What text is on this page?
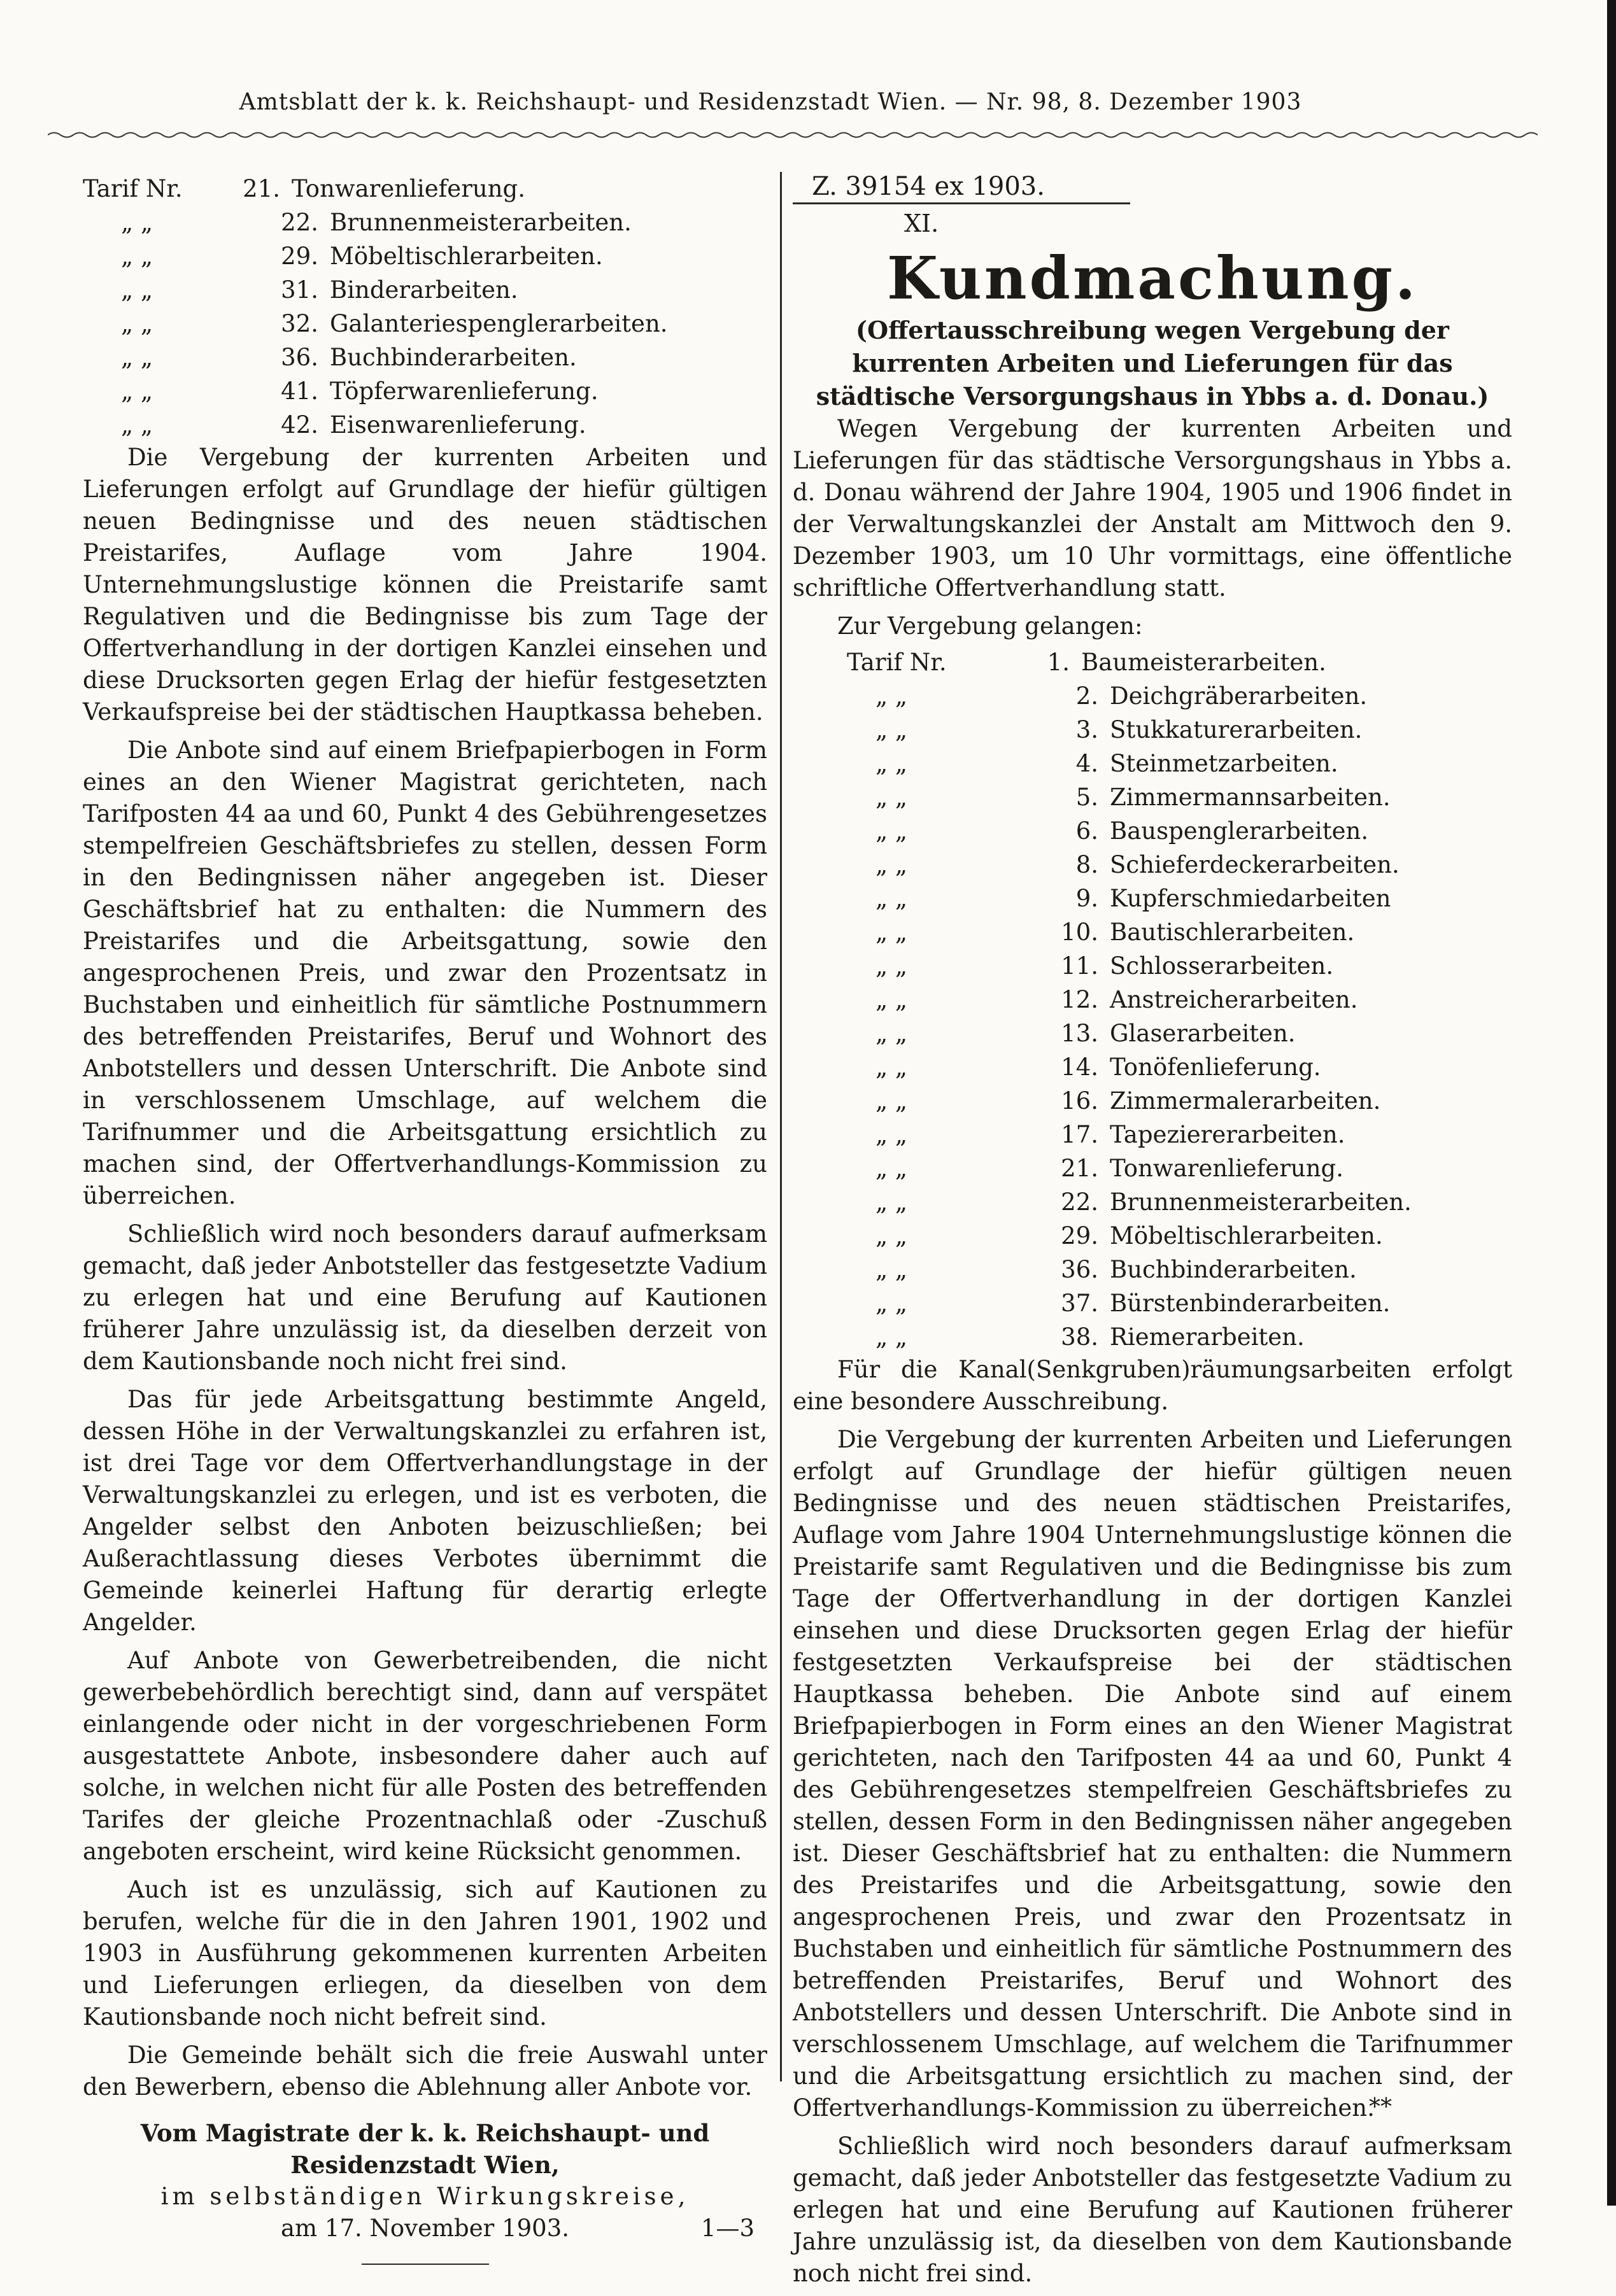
Amtsblatt der k. k. Reichshaupt- und Residenzstadt Wien. — Nr. 98, 8. Dezember 1903
Tarif Nr.	21. Tonwarenlieferung.
„ „	22. Brunnenmeisterarbeiten.
„ „	29. Möbeltischlerarbeiten.
„ „	31. Binderarbeiten.
„ „	32. Galanteriespenglerarbeiten.
„ „	36. Buchbinderarbeiten.
„ „	41. Töpferwarenlieferung.
„ „	42. Eisenwarenlieferung.

Die Vergebung der kurrenten Arbeiten und Lieferungen erfolgt auf Grundlage der hiefür gültigen neuen Bedingnisse und des neuen städtischen Preistarifes, Auflage vom Jahre 1904. Unternehmungslustige können die Preistarife samt Regulativen und die Bedingnisse bis zum Tage der Offertverhandlung in der dortigen Kanzlei einsehen und diese Drucksorten gegen Erlag der hiefür festgesetzten Verkaufspreise bei der städtischen Hauptkassa beheben.

Die Anbote sind auf einem Briefpapierbogen in Form eines an den Wiener Magistrat gerichteten, nach Tarifposten 44 aa und 60, Punkt 4 des Gebührengesetzes stempelfreien Geschäftsbriefes zu stellen, dessen Form in den Bedingnissen näher angegeben ist. Dieser Geschäftsbrief hat zu enthalten: die Nummern des Preistarifes und die Arbeitsgattung, sowie den angesprochenen Preis, und zwar den Prozentsatz in Buchstaben und einheitlich für sämtliche Postnummern des betreffenden Preistarifes, Beruf und Wohnort des Anbotstellers und dessen Unterschrift. Die Anbote sind in verschlossenem Umschlage, auf welchem die Tarifnummer und die Arbeitsgattung ersichtlich zu machen sind, der Offertverhandlungs-Kommission zu überreichen.

Schließlich wird noch besonders darauf aufmerksam gemacht, daß jeder Anbotsteller das festgesetzte Vadium zu erlegen hat und eine Berufung auf Kautionen früherer Jahre unzulässig ist, da dieselben derzeit von dem Kautionsbande noch nicht frei sind.

Das für jede Arbeitsgattung bestimmte Angeld, dessen Höhe in der Verwaltungskanzlei zu erfahren ist, ist drei Tage vor dem Offertverhandlungstage in der Verwaltungskanzlei zu erlegen, und ist es verboten, die Angelder selbst den Anboten beizuschließen; bei Außerachtlassung dieses Verbotes übernimmt die Gemeinde keinerlei Haftung für derartig erlegte Angelder.

Auf Anbote von Gewerbetreibenden, die nicht gewerbebehördlich berechtigt sind, dann auf verspätet einlangende oder nicht in der vorgeschriebenen Form ausgestattete Anbote, insbesondere daher auch auf solche, in welchen nicht für alle Posten des betreffenden Tarifes der gleiche Prozentnachlaß oder -Zuschuß angeboten erscheint, wird keine Rücksicht genommen.

Auch ist es unzulässig, sich auf Kautionen zu berufen, welche für die in den Jahren 1901, 1902 und 1903 in Ausführung gekommenen kurrenten Arbeiten und Lieferungen erliegen, da dieselben von dem Kautionsbande noch nicht befreit sind.

Die Gemeinde behält sich die freie Auswahl unter den Bewerbern, ebenso die Ablehnung aller Anbote vor.

Vom Magistrate der k. k. Reichshaupt- und Residenzstadt Wien,
im selbständigen Wirkungskreise,
am 17. November 1903.	1—3
Z. 39154 ex 1903.
XI.
Kundmachung.
(Offertausschreibung wegen Vergebung der kurrenten Arbeiten und Lieferungen für das städtische Versorgungshaus in Ybbs a. d. Donau.)

Wegen Vergebung der kurrenten Arbeiten und Lieferungen für das städtische Versorgungshaus in Ybbs a. d. Donau während der Jahre 1904, 1905 und 1906 findet in der Verwaltungskanzlei der Anstalt am Mittwoch den 9. Dezember 1903, um 10 Uhr vormittags, eine öffentliche schriftliche Offertverhandlung statt.

Zur Vergebung gelangen:

Tarif Nr.	1. Baumeisterarbeiten.
„ „	2. Deichgräberarbeiten.
„ „	3. Stukkaturerarbeiten.
„ „	4. Steinmetzarbeiten.
„ „	5. Zimmermannsarbeiten.
„ „	6. Bauspenglerarbeiten.
„ „	8. Schieferdeckerarbeiten.
„ „	9. Kupferschmiedarbeiten
„ „	10. Bautischlerarbeiten.
„ „	11. Schlosserarbeiten.
„ „	12. Anstreicherarbeiten.
„ „	13. Glaserarbeiten.
„ „	14. Tonöfenlieferung.
„ „	16. Zimmermalerarbeiten.
„ „	17. Tapeziererarbeiten.
„ „	21. Tonwarenlieferung.
„ „	22. Brunnenmeisterarbeiten.
„ „	29. Möbeltischlerarbeiten.
„ „	36. Buchbinderarbeiten.
„ „	37. Bürstenbinderarbeiten.
„ „	38. Riemerarbeiten.

Für die Kanal(Senkgruben)räumungsarbeiten erfolgt eine besondere Ausschreibung.

Die Vergebung der kurrenten Arbeiten und Lieferungen erfolgt auf Grundlage der hiefür gültigen neuen Bedingnisse und des neuen städtischen Preistarifes, Auflage vom Jahre 1904 Unternehmungslustige können die Preistarife samt Regulativen und die Bedingnisse bis zum Tage der Offertverhandlung in der dortigen Kanzlei einsehen und diese Drucksorten gegen Erlag der hiefür festgesetzten Verkaufspreise bei der städtischen Hauptkassa beheben. Die Anbote sind auf einem Briefpapierbogen in Form eines an den Wiener Magistrat gerichteten, nach den Tarifposten 44 aa und 60, Punkt 4 des Gebührengesetzes stempelfreien Geschäftsbriefes zu stellen, dessen Form in den Bedingnissen näher angegeben ist. Dieser Geschäftsbrief hat zu enthalten: die Nummern des Preistarifes und die Arbeitsgattung, sowie den angesprochenen Preis, und zwar den Prozentsatz in Buchstaben und einheitlich für sämtliche Postnummern des betreffenden Preistarifes, Beruf und Wohnort des Anbotstellers und dessen Unterschrift. Die Anbote sind in verschlossenem Umschlage, auf welchem die Tarifnummer und die Arbeitsgattung ersichtlich zu machen sind, der Offertverhandlungs-Kommission zu überreichen.

Schließlich wird noch besonders darauf aufmerksam gemacht, daß jeder Anbotsteller das festgesetzte Vadium zu erlegen hat und eine Berufung auf Kautionen früherer Jahre unzulässig ist, da dieselben von dem Kautionsbande noch nicht frei sind.

**
